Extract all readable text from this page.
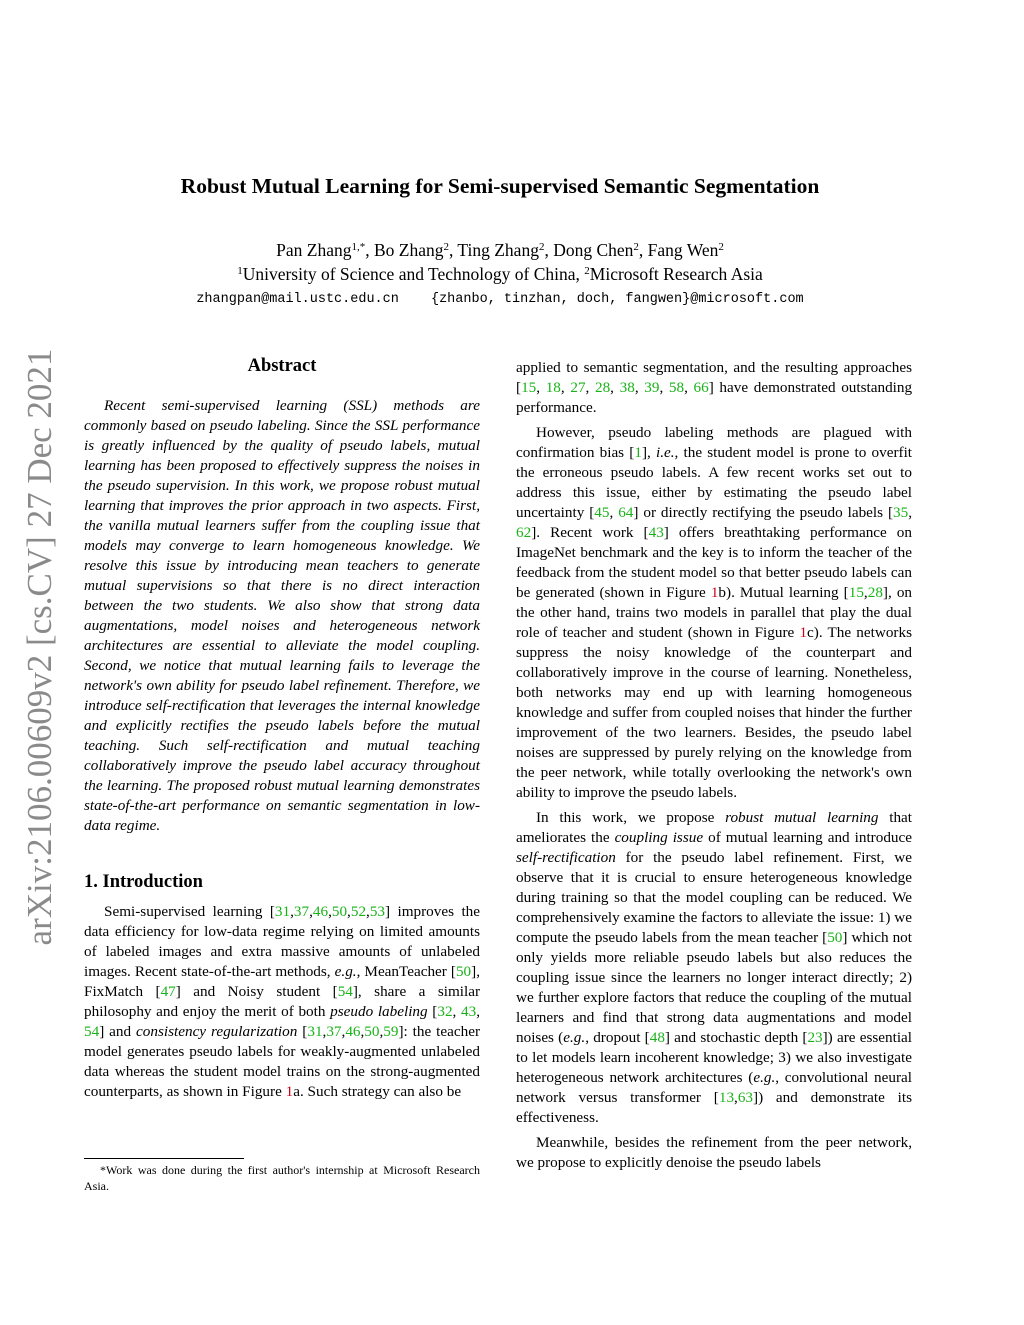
arXiv:2106.00609v2 [cs.CV] 27 Dec 2021
Robust Mutual Learning for Semi-supervised Semantic Segmentation
Pan Zhang$^{1,*}$, Bo Zhang$^2$, Ting Zhang$^2$, Dong Chen$^2$, Fang Wen$^2$
$^1$University of Science and Technology of China, $^2$Microsoft Research Asia
zhangpan@mail.ustc.edu.cn {zhanbo, tinzhan, doch, fangwen}@microsoft.com
Abstract

Recent semi-supervised learning (SSL) methods are commonly based on pseudo labeling. Since the SSL performance is greatly influenced by the quality of pseudo labels, mutual learning has been proposed to effectively suppress the noises in the pseudo supervision. In this work, we propose robust mutual learning that improves the prior approach in two aspects. First, the vanilla mutual learners suffer from the coupling issue that models may converge to learn homogeneous knowledge. We resolve this issue by introducing mean teachers to generate mutual supervisions so that there is no direct interaction between the two students. We also show that strong data augmentations, model noises and heterogeneous network architectures are essential to alleviate the model coupling. Second, we notice that mutual learning fails to leverage the network's own ability for pseudo label refinement. Therefore, we introduce self-rectification that leverages the internal knowledge and explicitly rectifies the pseudo labels before the mutual teaching. Such self-rectification and mutual teaching collaboratively improve the pseudo label accuracy throughout the learning. The proposed robust mutual learning demonstrates state-of-the-art performance on semantic segmentation in low-data regime.

1. Introduction

Semi-supervised learning [31,37,46,50,52,53] improves the data efficiency for low-data regime relying on limited amounts of labeled images and extra massive amounts of unlabeled images. Recent state-of-the-art methods, e.g., MeanTeacher [50], FixMatch [47] and Noisy student [54], share a similar philosophy and enjoy the merit of both pseudo labeling [32, 43, 54] and consistency regularization [31,37,46,50,59]: the teacher model generates pseudo labels for weakly-augmented unlabeled data whereas the student model trains on the strong-augmented counterparts, as shown in Figure 1a. Such strategy can also be

*Work was done during the first author's internship at Microsoft Research Asia.

applied to semantic segmentation, and the resulting approaches [15, 18, 27, 28, 38, 39, 58, 66] have demonstrated outstanding performance.

However, pseudo labeling methods are plagued with confirmation bias [1], i.e., the student model is prone to overfit the erroneous pseudo labels. A few recent works set out to address this issue, either by estimating the pseudo label uncertainty [45, 64] or directly rectifying the pseudo labels [35, 62]. Recent work [43] offers breathtaking performance on ImageNet benchmark and the key is to inform the teacher of the feedback from the student model so that better pseudo labels can be generated (shown in Figure 1b). Mutual learning [15,28], on the other hand, trains two models in parallel that play the dual role of teacher and student (shown in Figure 1c). The networks suppress the noisy knowledge of the counterpart and collaboratively improve in the course of learning. Nonetheless, both networks may end up with learning homogeneous knowledge and suffer from coupled noises that hinder the further improvement of the two learners. Besides, the pseudo label noises are suppressed by purely relying on the knowledge from the peer network, while totally overlooking the network's own ability to improve the pseudo labels.

In this work, we propose robust mutual learning that ameliorates the coupling issue of mutual learning and introduce self-rectification for the pseudo label refinement. First, we observe that it is crucial to ensure heterogeneous knowledge during training so that the model coupling can be reduced. We comprehensively examine the factors to alleviate the issue: 1) we compute the pseudo labels from the mean teacher [50] which not only yields more reliable pseudo labels but also reduces the coupling issue since the learners no longer interact directly; 2) we further explore factors that reduce the coupling of the mutual learners and find that strong data augmentations and model noises (e.g., dropout [48] and stochastic depth [23]) are essential to let models learn incoherent knowledge; 3) we also investigate heterogeneous network architectures (e.g., convolutional neural network versus transformer [13,63]) and demonstrate its effectiveness.

Meanwhile, besides the refinement from the peer network, we propose to explicitly denoise the pseudo labels
